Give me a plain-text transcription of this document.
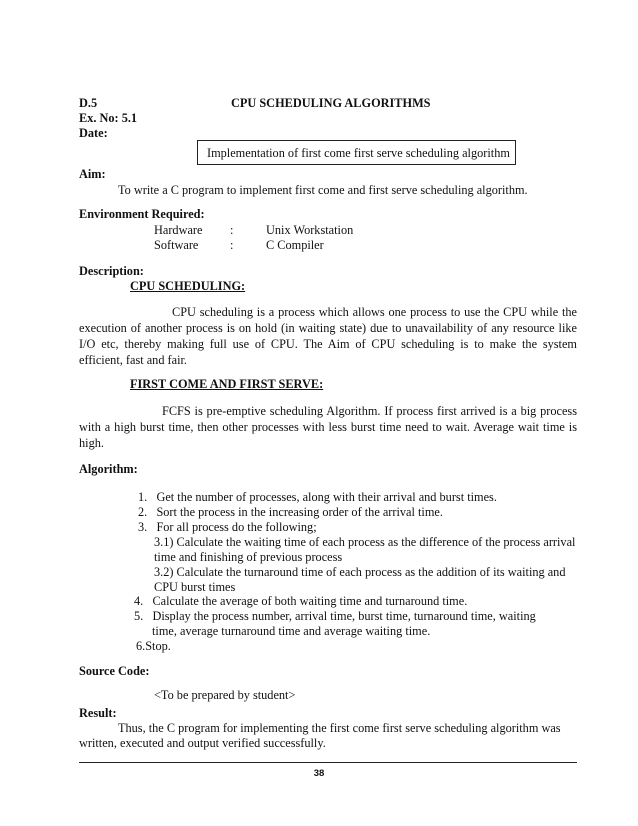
D.5	CPU SCHEDULING ALGORITHMS
Ex. No: 5.1
Date:
Implementation of first come first serve scheduling algorithm
Aim:
To write a C program to implement first come and first serve scheduling algorithm.
Environment Required:
Hardware :	Unix Workstation
Software	:	C Compiler
Description:
CPU SCHEDULING:
CPU scheduling is a process which allows one process to use the CPU while the execution of another process is on hold (in waiting state) due to unavailability of any resource like I/O etc, thereby making full use of CPU. The Aim of CPU scheduling is to make the system efficient, fast and fair.
FIRST COME AND FIRST SERVE:
FCFS is pre-emptive scheduling Algorithm. If process first arrived is a big process with a high burst time, then other processes with less burst time need to wait. Average wait time is high.
Algorithm:
1.   Get the number of processes, along with their arrival and burst times.
2.   Sort the process in the increasing order of the arrival time.
3.   For all process do the following;
3.1) Calculate the waiting time of each process as the difference of the process arrival
time and finishing of previous process
3.2) Calculate the turnaround time of each process as the addition of its waiting and
CPU burst times
4.   Calculate the average of both waiting time and turnaround time.
5.   Display the process number, arrival time, burst time, turnaround time, waiting
time, average turnaround time and average waiting time.
6.Stop.
Source Code:
<To be prepared by student>
Result:
Thus, the C program for implementing the first come first serve scheduling algorithm was
written, executed and output verified successfully.
38
